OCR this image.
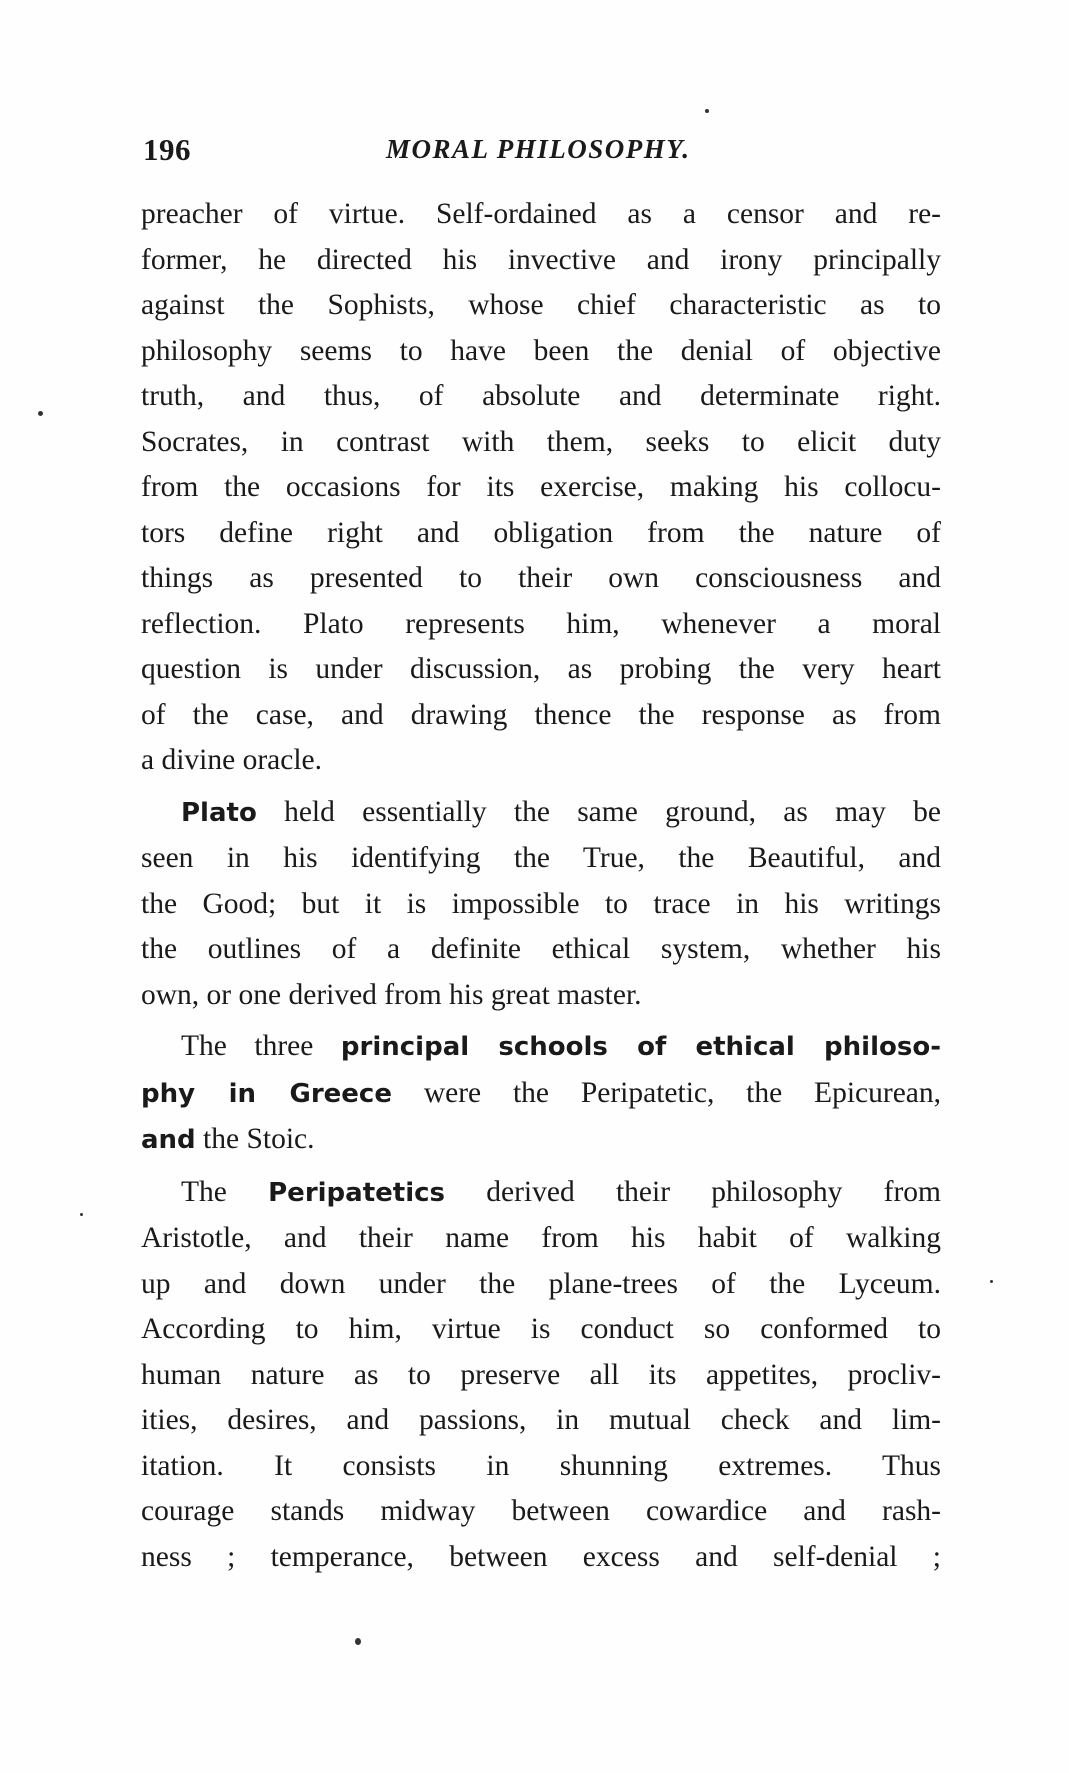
196	MORAL PHILOSOPHY.
preacher of virtue. Self-ordained as a censor and re-
former, he directed his invective and irony principally
against the Sophists, whose chief characteristic as to
philosophy seems to have been the denial of objective
truth, and thus, of absolute and determinate right.
Socrates, in contrast with them, seeks to elicit duty
from the occasions for its exercise, making his collocu-
tors define right and obligation from the nature of
things as presented to their own consciousness and
reflection. Plato represents him, whenever a moral
question is under discussion, as probing the very heart
of the case, and drawing thence the response as from
a divine oracle.
Plato held essentially the same ground, as may be
seen in his identifying the True, the Beautiful, and
the Good; but it is impossible to trace in his writings
the outlines of a definite ethical system, whether his
own, or one derived from his great master.
The three principal schools of ethical philoso-
phy in Greece were the Peripatetic, the Epicurean,
and the Stoic.
The Peripatetics derived their philosophy from
Aristotle, and their name from his habit of walking
up and down under the plane-trees of the Lyceum.
According to him, virtue is conduct so conformed to
human nature as to preserve all its appetites, procliv-
ities, desires, and passions, in mutual check and lim-
itation. It consists in shunning extremes. Thus
courage stands midway between cowardice and rash-
ness ; temperance, between excess and self-denial ;
